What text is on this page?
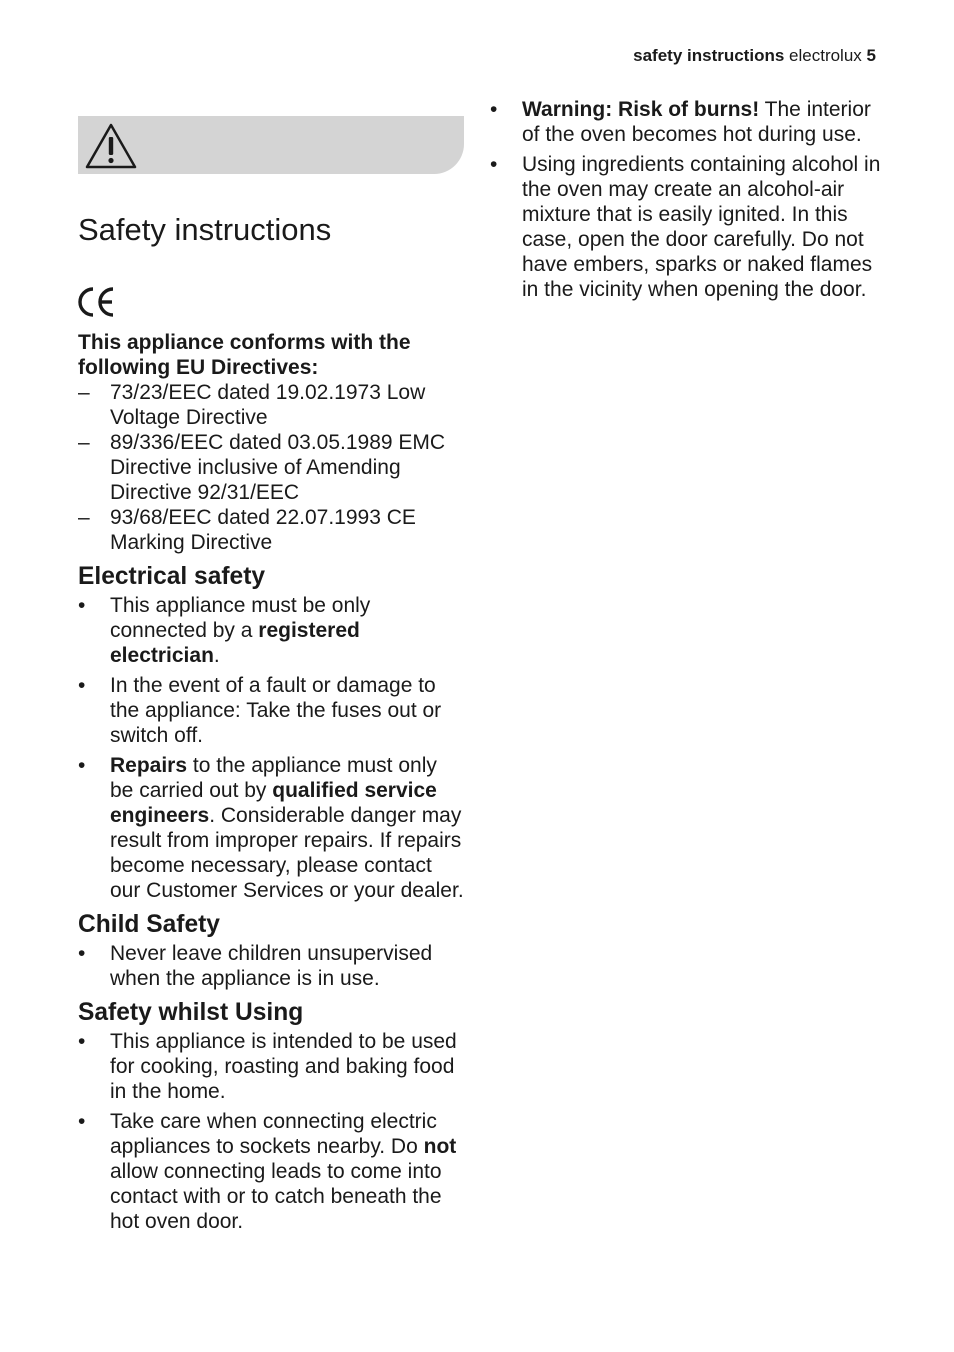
safety instructions electrolux 5
Safety instructions

This appliance conforms with the following EU Directives:

– 73/23/EEC dated 19.02.1973 Low Voltage Directive
– 89/336/EEC dated 03.05.1989 EMC Directive inclusive of Amending Directive 92/31/EEC
– 93/68/EEC dated 22.07.1993 CE Marking Directive
Electrical safety
•	This appliance must be only connected by a registered electrician.
•	In the event of a fault or damage to the appliance: Take the fuses out or switch off.
•	Repairs to the appliance must only be carried out by qualified service engineers. Considerable danger may result from improper repairs. If repairs become necessary, please contact our Customer Services or your dealer.
Child Safety
•	Never leave children unsupervised when the appliance is in use.
Safety whilst Using
•	This appliance is intended to be used for cooking, roasting and baking food in the home.
•	Take care when connecting electric appliances to sockets nearby. Do not allow connecting leads to come into contact with or to catch beneath the hot oven door.
•	Warning: Risk of burns! The interior of the oven becomes hot during use.
•	Using ingredients containing alcohol in the oven may create an alcohol-air mixture that is easily ignited. In this case, open the door carefully. Do not have embers, sparks or naked flames in the vicinity when opening the door.
